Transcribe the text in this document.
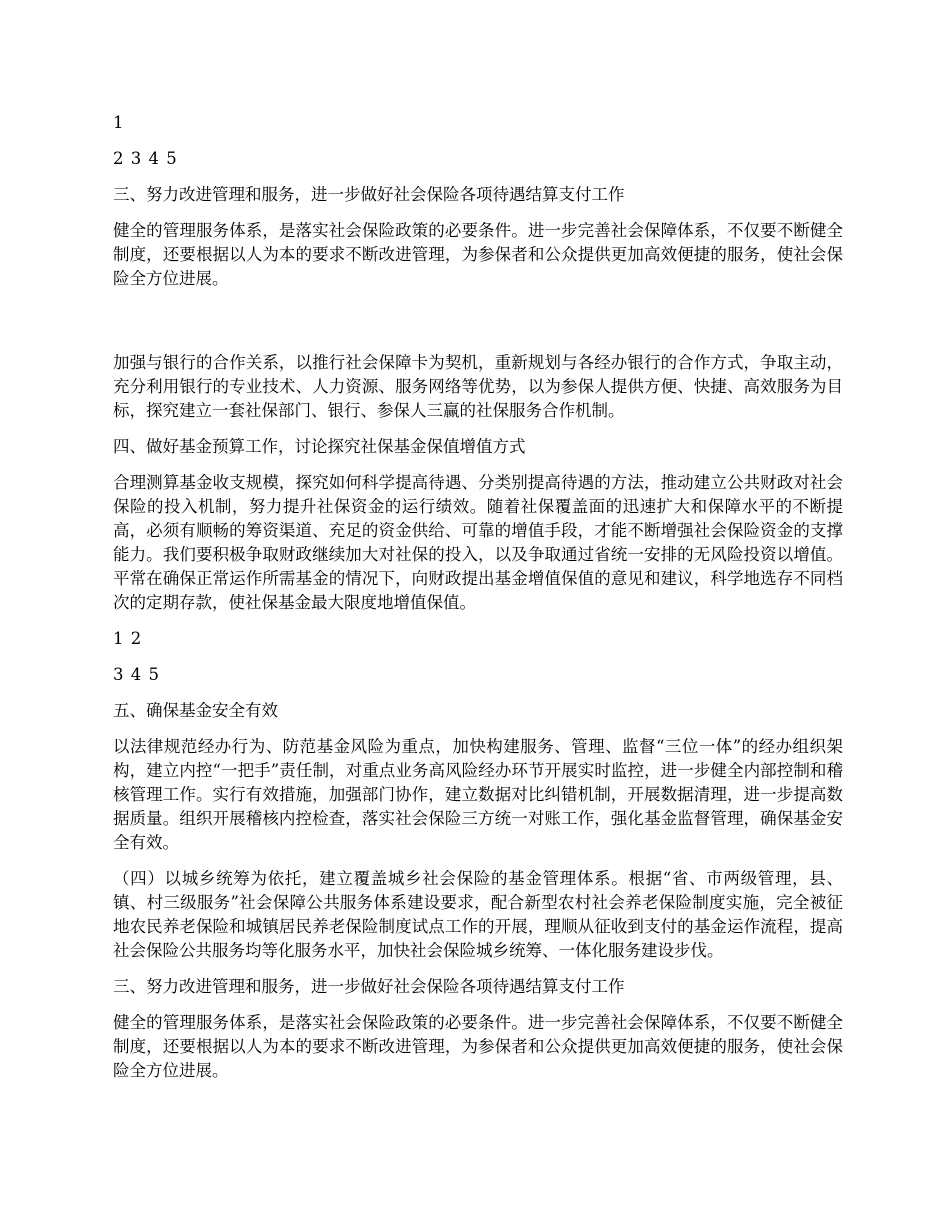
1

2 3 4 5

三、努力改进管理和服务，进一步做好社会保险各项待遇结算支付工作

健全的管理服务体系，是落实社会保险政策的必要条件。进一步完善社会保障体系，不仅要不断健全制度，还要根据以人为本的要求不断改进管理，为参保者和公众提供更加高效便捷的服务，使社会保险全方位进展。

加强与银行的合作关系，以推行社会保障卡为契机，重新规划与各经办银行的合作方式，争取主动，充分利用银行的专业技术、人力资源、服务网络等优势，以为参保人提供方便、快捷、高效服务为目标，探究建立一套社保部门、银行、参保人三赢的社保服务合作机制。

四、做好基金预算工作，讨论探究社保基金保值增值方式

合理测算基金收支规模，探究如何科学提高待遇、分类别提高待遇的方法，推动建立公共财政对社会保险的投入机制，努力提升社保资金的运行绩效。随着社保覆盖面的迅速扩大和保障水平的不断提高，必须有顺畅的筹资渠道、充足的资金供给、可靠的增值手段，才能不断增强社会保险资金的支撑能力。我们要积极争取财政继续加大对社保的投入，以及争取通过省统一安排的无风险投资以增值。平常在确保正常运作所需基金的情况下，向财政提出基金增值保值的意见和建议，科学地选存不同档次的定期存款，使社保基金最大限度地增值保值。

1 2

3 4 5

五、确保基金安全有效

以法律规范经办行为、防范基金风险为重点，加快构建服务、管理、监督“三位一体”的经办组织架构，建立内控“一把手”责任制，对重点业务高风险经办环节开展实时监控，进一步健全内部控制和稽核管理工作。实行有效措施，加强部门协作，建立数据对比纠错机制，开展数据清理，进一步提高数据质量。组织开展稽核内控检查，落实社会保险三方统一对账工作，强化基金监督管理，确保基金安全有效。

（四）以城乡统筹为依托，建立覆盖城乡社会保险的基金管理体系。根据“省、市两级管理，县、镇、村三级服务”社会保障公共服务体系建设要求，配合新型农村社会养老保险制度实施，完全被征地农民养老保险和城镇居民养老保险制度试点工作的开展，理顺从征收到支付的基金运作流程，提高社会保险公共服务均等化服务水平，加快社会保险城乡统筹、一体化服务建设步伐。

三、努力改进管理和服务，进一步做好社会保险各项待遇结算支付工作

健全的管理服务体系，是落实社会保险政策的必要条件。进一步完善社会保障体系，不仅要不断健全制度，还要根据以人为本的要求不断改进管理，为参保者和公众提供更加高效便捷的服务，使社会保险全方位进展。
